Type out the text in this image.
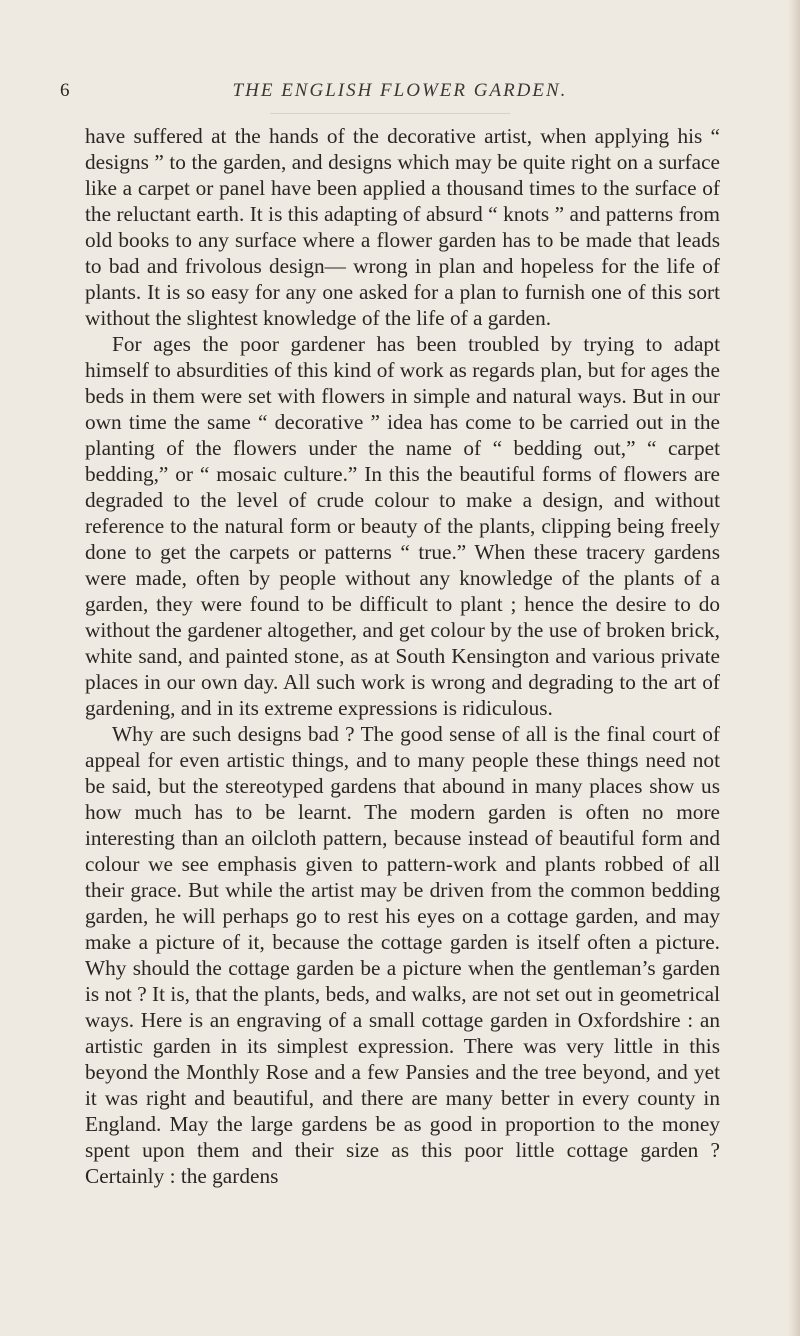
6	THE ENGLISH FLOWER GARDEN.

have suffered at the hands of the decorative artist, when applying his “ designs ” to the garden, and designs which may be quite right on a surface like a carpet or panel have been applied a thousand times to the surface of the reluctant earth. It is this adapting of absurd “ knots ” and patterns from old books to any surface where a flower garden has to be made that leads to bad and frivolous design— wrong in plan and hopeless for the life of plants. It is so easy for any one asked for a plan to furnish one of this sort without the slightest knowledge of the life of a garden.

For ages the poor gardener has been troubled by trying to adapt himself to absurdities of this kind of work as regards plan, but for ages the beds in them were set with flowers in simple and natural ways. But in our own time the same “ decorative ” idea has come to be carried out in the planting of the flowers under the name of “ bedding out,” “ carpet bedding,” or “ mosaic culture.” In this the beautiful forms of flowers are degraded to the level of crude colour to make a design, and without reference to the natural form or beauty of the plants, clipping being freely done to get the carpets or patterns “ true.” When these tracery gardens were made, often by people without any knowledge of the plants of a garden, they were found to be difficult to plant ; hence the desire to do without the gardener altogether, and get colour by the use of broken brick, white sand, and painted stone, as at South Kensington and various private places in our own day. All such work is wrong and degrading to the art of gardening, and in its extreme expressions is ridiculous.

Why are such designs bad ? The good sense of all is the final court of appeal for even artistic things, and to many people these things need not be said, but the stereotyped gardens that abound in many places show us how much has to be learnt. The modern garden is often no more interesting than an oilcloth pattern, because instead of beautiful form and colour we see emphasis given to pattern-work and plants robbed of all their grace. But while the artist may be driven from the common bedding garden, he will perhaps go to rest his eyes on a cottage garden, and may make a picture of it, because the cottage garden is itself often a picture. Why should the cottage garden be a picture when the gentleman’s garden is not ? It is, that the plants, beds, and walks, are not set out in geometrical ways. Here is an engraving of a small cottage garden in Oxfordshire : an artistic garden in its simplest expression. There was very little in this beyond the Monthly Rose and a few Pansies and the tree beyond, and yet it was right and beautiful, and there are many better in every county in England. May the large gardens be as good in proportion to the money spent upon them and their size as this poor little cottage garden ? Certainly : the gardens
